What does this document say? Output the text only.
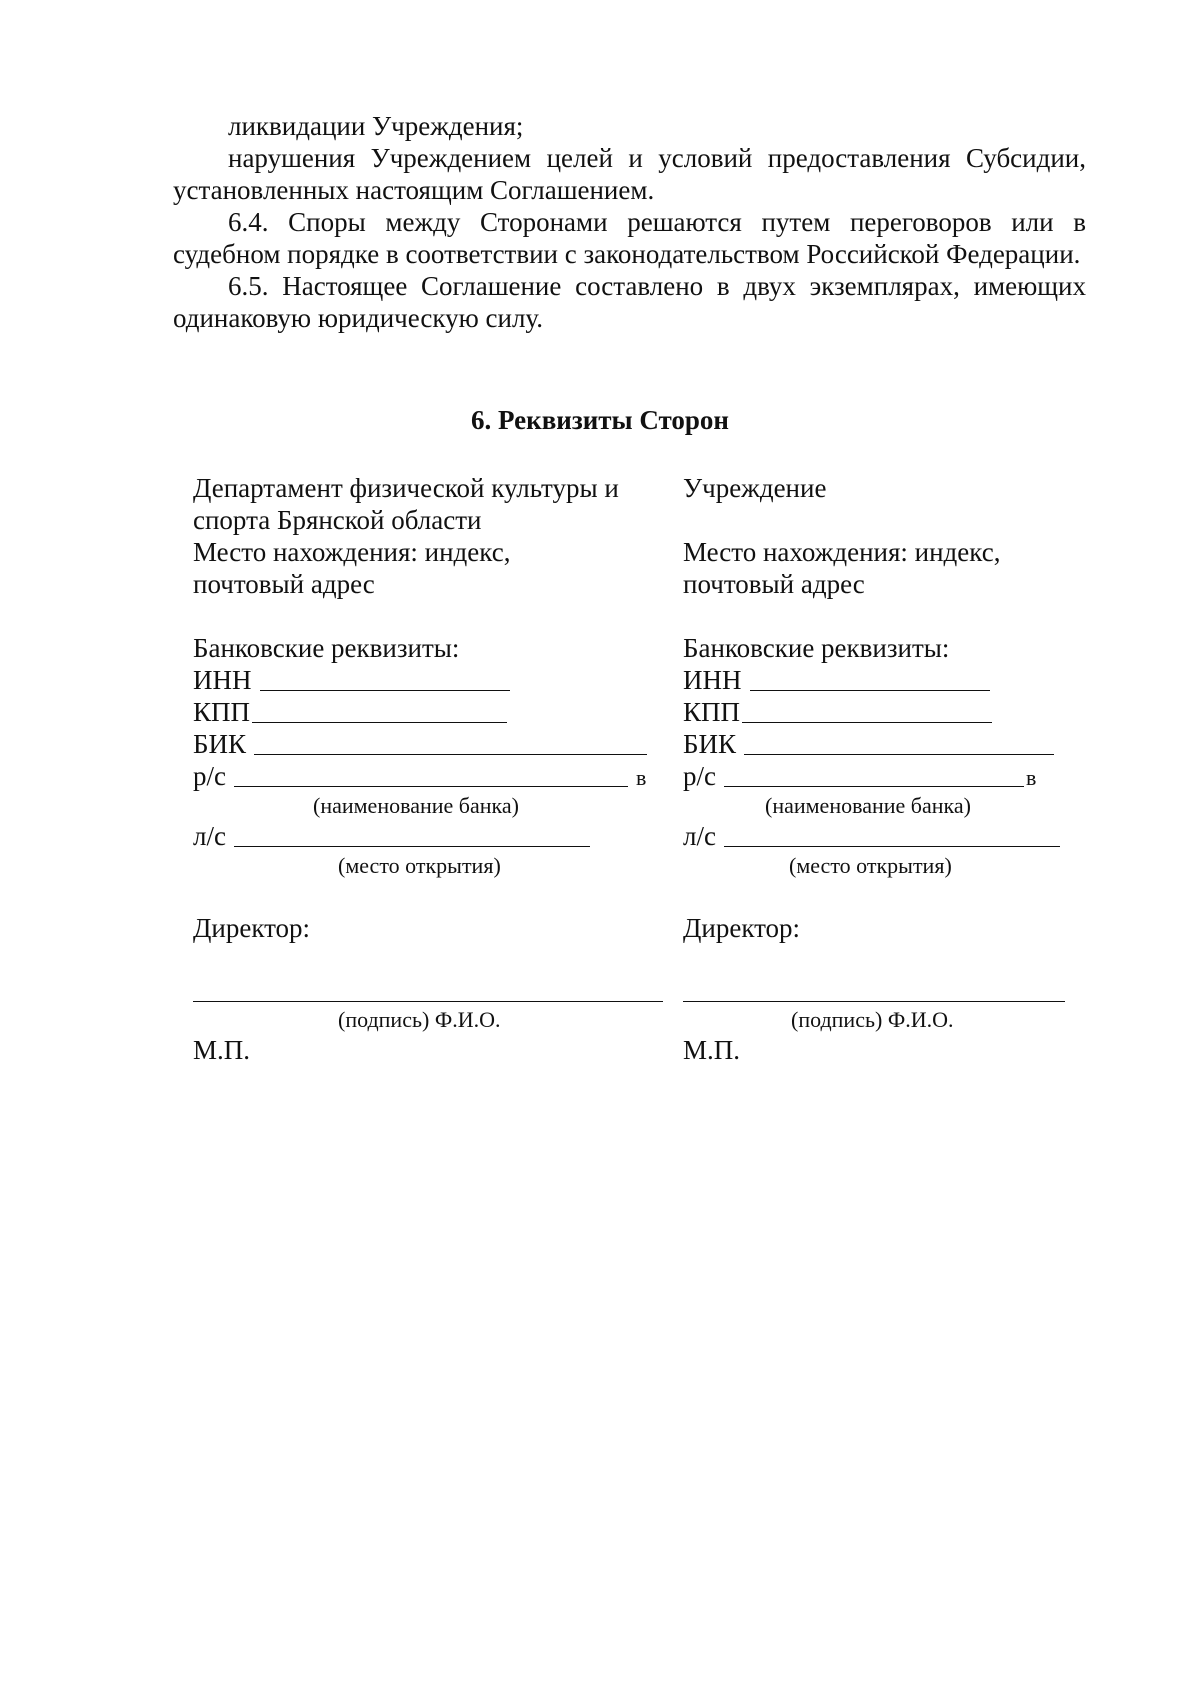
ликвидации Учреждения;

нарушения Учреждением целей и условий предоставления Субсидии, установленных настоящим Соглашением.

6.4. Споры между Сторонами решаются путем переговоров или в судебном порядке в соответствии с законодательством Российской Федерации.

6.5. Настоящее Соглашение составлено в двух экземплярах, имеющих одинаковую юридическую силу.

6. Реквизиты Сторон
Департамент физической культуры и
спорта Брянской области
Место нахождения: индекс,
почтовый адрес
Банковские реквизиты:
ИНН
КПП
БИК
р/с	в
(наименование банка)
л/с
(место открытия)
Директор:
(подпись) Ф.И.О.
М.П.
Учреждение
Место нахождения: индекс,
почтовый адрес
Банковские реквизиты:
ИНН
КПП
БИК
р/с	в
(наименование банка)
л/с
(место открытия)
Директор:
(подпись) Ф.И.О.
М.П.
